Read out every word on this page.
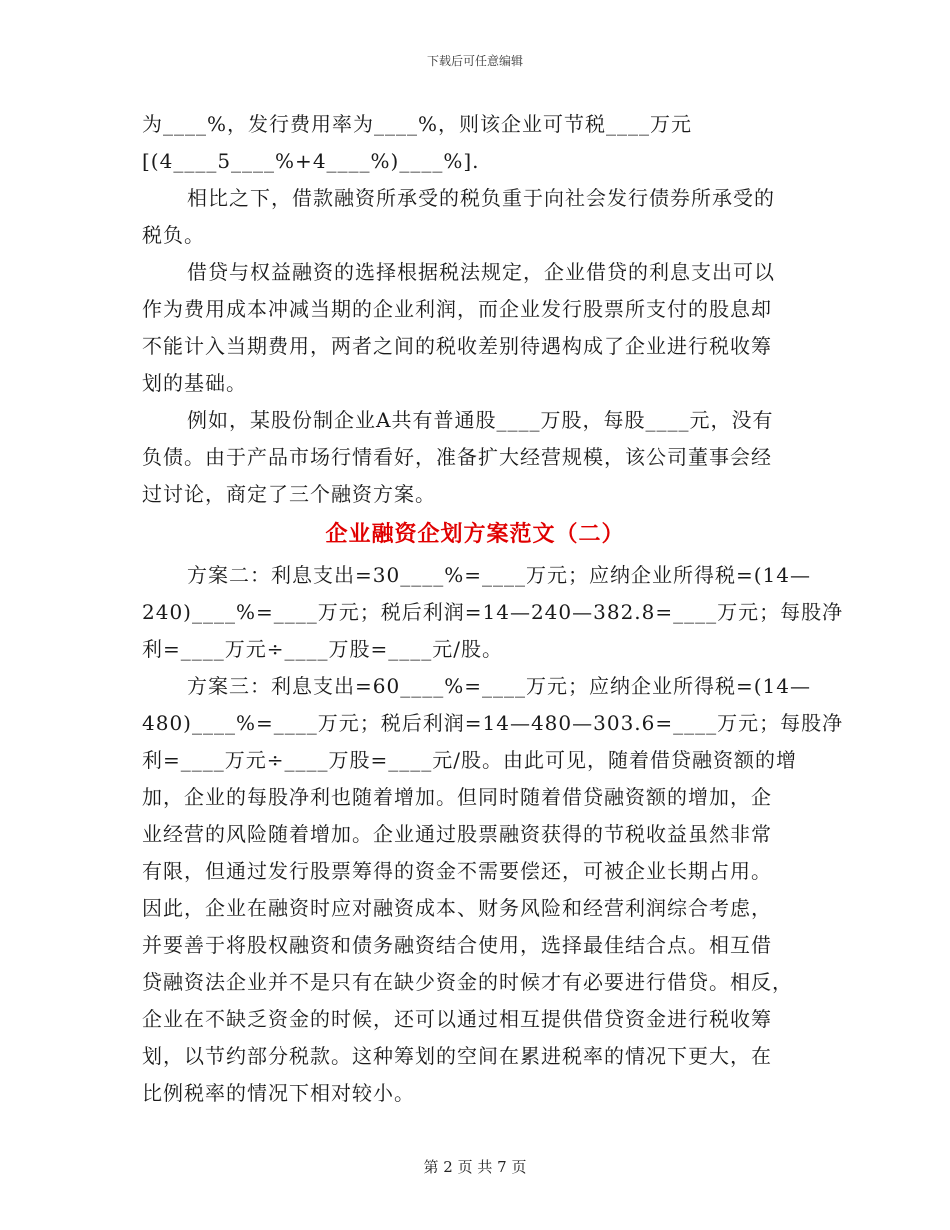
下载后可任意编辑
为____%，发行费用率为____%，则该企业可节税____万元
[(4____5____%+4____%)____%].
相比之下，借款融资所承受的税负重于向社会发行债券所承受的
税负。
借贷与权益融资的选择根据税法规定，企业借贷的利息支出可以
作为费用成本冲减当期的企业利润，而企业发行股票所支付的股息却
不能计入当期费用，两者之间的税收差别待遇构成了企业进行税收筹
划的基础。
例如，某股份制企业A共有普通股____万股，每股____元，没有
负债。由于产品市场行情看好，准备扩大经营规模，该公司董事会经
过讨论，商定了三个融资方案。
企业融资企划方案范文（二）
方案二：利息支出=30____%=____万元；应纳企业所得税=(14—
240)____%=____万元；税后利润=14—240—382.8=____万元；每股净
利=____万元÷____万股=____元/股。
方案三：利息支出=60____%=____万元；应纳企业所得税=(14—
480)____%=____万元；税后利润=14—480—303.6=____万元；每股净
利=____万元÷____万股=____元/股。由此可见，随着借贷融资额的增
加，企业的每股净利也随着增加。但同时随着借贷融资额的增加，企
业经营的风险随着增加。企业通过股票融资获得的节税收益虽然非常
有限，但通过发行股票筹得的资金不需要偿还，可被企业长期占用。
因此，企业在融资时应对融资成本、财务风险和经营利润综合考虑，
并要善于将股权融资和债务融资结合使用，选择最佳结合点。相互借
贷融资法企业并不是只有在缺少资金的时候才有必要进行借贷。相反，
企业在不缺乏资金的时候，还可以通过相互提供借贷资金进行税收筹
划，以节约部分税款。这种筹划的空间在累进税率的情况下更大，在
比例税率的情况下相对较小。
第 2 页 共 7 页
